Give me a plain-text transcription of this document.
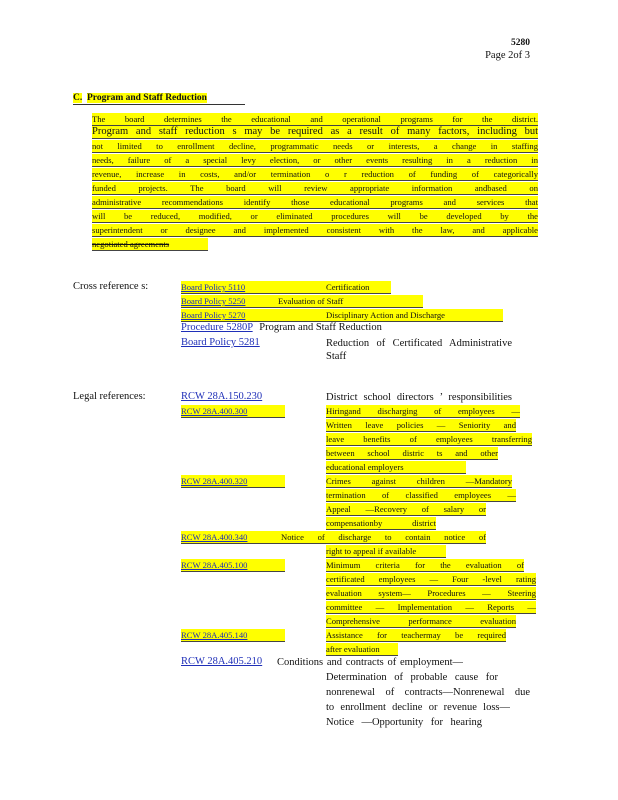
5280
Page 2of 3
C. Program and Staff Reduction
The board determines the educational and operational programs for the district.
Program and staff reduction s may be required as a result of many factors, including but
not limited to enrollment decline, programmatic needs or interests, a change in staffing
needs, failure of a special levy election, or other events resulting in a reduction in
revenue, increase in costs, and/or termination o r reduction of funding of categorically
funded projects. The board will review appropriate information andbased on
administrative recommendations identify those educational programs and services that
will be reduced, modified, or eliminated procedures will be developed by the
superintendent or designee and implemented consistent with the law, and applicable
negotiated agreements
Cross reference s:	Board Policy 5110	Certification
Board Policy 5250	Evaluation of Staff
Board Policy 5270	Disciplinary Action and Discharge
Procedure 5280P Program and Staff Reduction
Board Policy 5281	Reduction of Certificated Administrative
Staff
Legal references:	RCW 28A.150.230	District school directors ’ responsibilities
RCW 28A.400.300	Hiringand discharging of employees —
Written leave policies — Seniority and
leave benefits of employees transferring
between school distric ts and other
educational employers
RCW 28A.400.320	Crimes against children —Mandatory
termination of classified employees —
Appeal —Recovery of salary or
compensationby district
RCW 28A.400.340	Notice of discharge to contain notice of
right to appeal if available
RCW 28A.405.100	Minimum criteria for the evaluation of
certificated employees — Four -level rating
evaluation system— Procedures — Steering
committee — Implementation — Reports —
Comprehensive performance evaluation
RCW 28A.405.140	Assistance for teachermay be required
after evaluation
RCW 28A.405.210 Conditions and contracts of employment—
Determination of probable cause for
nonrenewal of contracts—Nonrenewal due
to enrollment decline or revenue loss—
Notice —Opportunity for hearing
